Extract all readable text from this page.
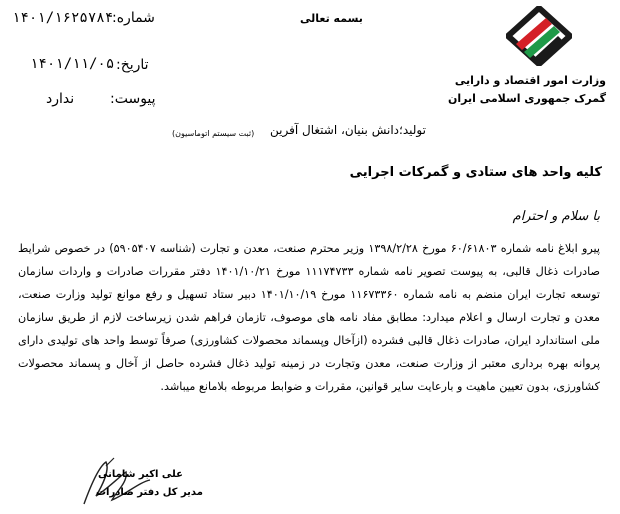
بسمه تعالی
شماره:
۱۴۰۱/۱۶۲۵۷۸۴
تاریخ:
۱۴۰۱/۱۱/۰۵
پیوست:
ندارد
(ثبت سیستم اتوماسیون)
وزارت امور اقتصاد و دارایی
گمرک جمهوری اسلامی ایران
تولید؛دانش بنیان، اشتغال آفرین
کلیه واحد های ستادی و گمرکات اجرایی
با سلام و احترام

پیرو ابلاغ نامه شماره ۶۰/۶۱۸۰۳ مورخ ۱۳۹۸/۲/۲۸ وزیر محترم صنعت، معدن و تجارت (شناسه ۵۹۰۵۴۰۷) در خصوص شرایط صادرات ذغال قالبی، به پیوست تصویر نامه شماره ۱۱۱۷۴۷۳۳ مورخ ۱۴۰۱/۱۰/۲۱ دفتر مقررات صادرات و واردات سازمان توسعه تجارت ایران منضم به نامه شماره ۱۱۶۷۳۳۶۰ مورخ ۱۴۰۱/۱۰/۱۹ دبیر ستاد تسهیل و رفع موانع تولید وزارت صنعت، معدن و تجارت ارسال و اعلام میدارد: مطابق مفاد نامه های موصوف، تازمان فراهم شدن زیرساخت لازم از طریق سازمان ملی استاندارد ایران، صادرات ذغال قالبی فشرده (ازآخال وپسماند محصولات کشاورزی) صرفاً توسط واحد های تولیدی دارای پروانه بهره برداری معتبر از وزارت صنعت، معدن وتجارت در زمینه تولید ذغال فشرده حاصل از آخال و پسماند محصولات کشاورزی، بدون تعیین ماهیت و بارعایت سایر قوانین، مقررات و ضوابط مربوطه بلامانع میباشد.

علی اکبر شامانی
مدیر کل دفتر صادرات
